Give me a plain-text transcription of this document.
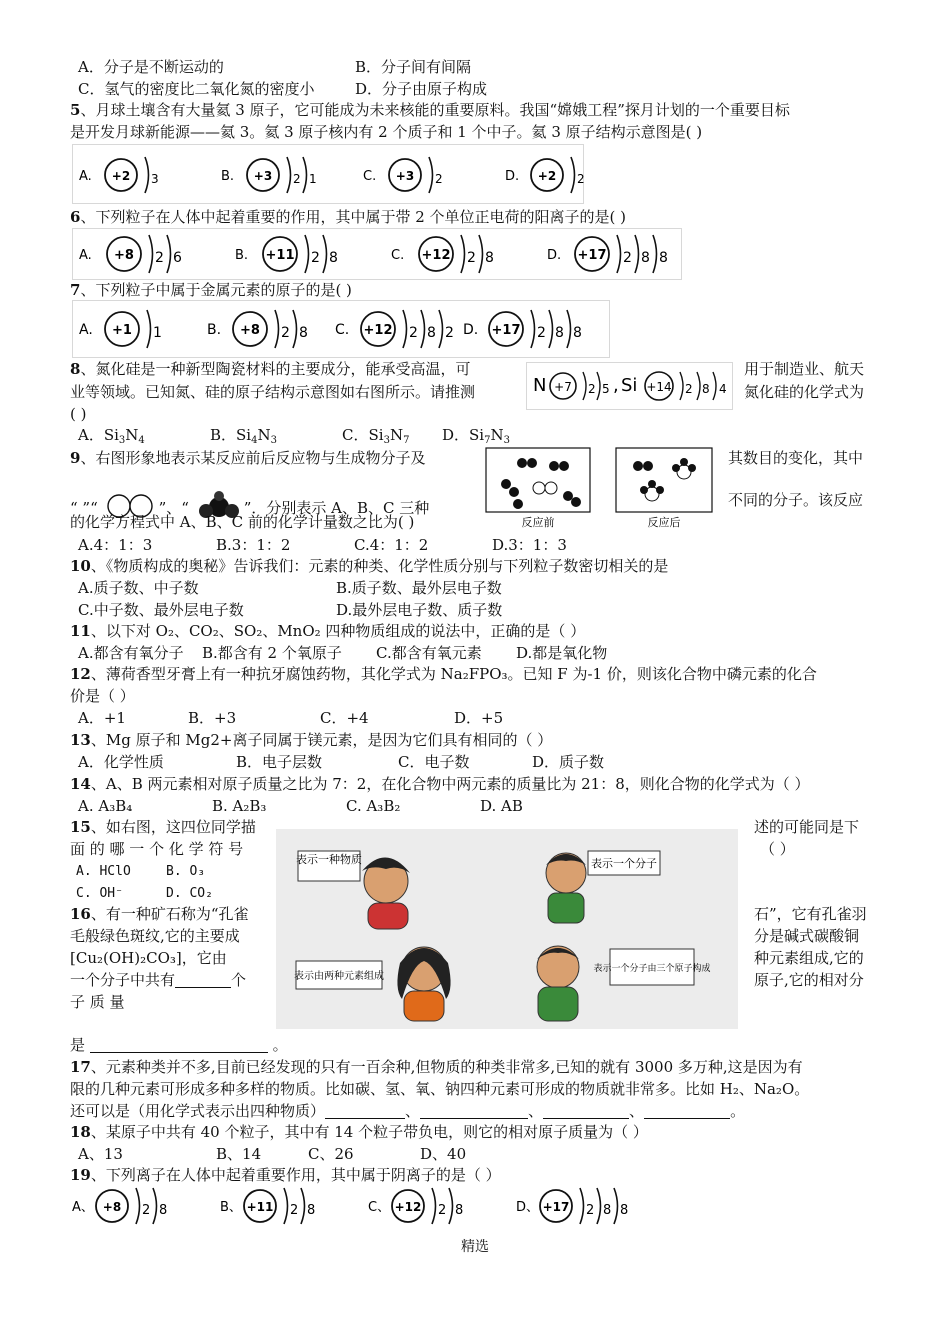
A．分子是不断运动的	B．分子间有间隔
C．氢气的密度比二氧化氮的密度小	D．分子由原子构成
5、月球土壤含有大量氦 3 原子，它可能成为未来核能的重要原料。我国“嫦娥工程”探月计划的一个重要目标
是开发月球新能源——氦 3。氦 3 原子核内有 2 个质子和 1 个中子。氦 3 原子结构示意图是( )
A. +2 3	B. +3 2 1	C. +3 2	D. +2 2
6、下列粒子在人体中起着重要的作用，其中属于带 2 个单位正电荷的阳离子的是( )
A. +8 2 6	B. +11 2 8	C. +12 2 8	D. +17 2 8 8
7、下列粒子中属于金属元素的原子的是( )
A. +1 1	B. +8 2 8 C. +12 2 8 2 D. +17 2 8 8
8、氮化硅是一种新型陶瓷材料的主要成分，能承受高温，可	用于制造业、航天
业等领域。已知氮、硅的原子结构示意图如右图所示。请推测	氮化硅的化学式为
( )
N +7 2 5 , Si +14 2 8 4
A．$Si_3N_4$	B．$Si_4N_3$	C．$Si_3N_7$ D．$Si_7N_3$
9、右图形象地表示某反应前后反应物与生成物分子及	其数目的变化，其中
“ ”“	”、“	”．分别表示 A、B、C 三种	不同的分子。该反应
的化学方程式中 A、B、C 前的化学计量数之比为( )	反应前	反应后
A.4：1：3	B.3：1：2	C.4：1：2	D.3：1：3
10、《物质构成的奥秘》告诉我们：元素的种类、化学性质分别与下列粒子数密切相关的是
A.质子数、中子数	B.质子数、最外层电子数
C.中子数、最外层电子数	D.最外层电子数、质子数
11、以下对 O₂、CO₂、SO₂、MnO₂ 四种物质组成的说法中，正确的是（ ）
A.都含有氧分子 B.都含有 2 个氧原子 C.都含有氧元素 D.都是氧化物
12、薄荷香型牙膏上有一种抗牙腐蚀药物，其化学式为 Na₂FPO₃。已知 F 为-1 价，则该化合物中磷元素的化合
价是（ ）
A．+1	B．+3	C．+4	D．+5
13、Mg 原子和 Mg2+离子同属于镁元素，是因为它们具有相同的（ ）
A．化学性质	B．电子层数	C．电子数	D．质子数
14、A、B 两元素相对原子质量之比为 7：2，在化合物中两元素的质量比为 21：8，则化合物的化学式为（ ）
A. A₃B₄	B. A₂B₃	C. A₃B₂	D. AB
15、如右图，这四位同学描	述的可能同是下
面 的 哪 一 个 化 学 符 号	（ ）
A. HClO	B. O₃
C. OH⁻	D. CO₂
表示一种物质	表示一个分子
表示由两种元素组成
表示一个分子由三个原子构成
16、有一种矿石称为“孔雀	石”，它有孔雀羽
毛般绿色斑纹,它的主要成	分是碱式碳酸铜
[Cu₂(OH)₂CO₃]，它由	种元素组成,它的
一个分子中共有	个	原子,它的相对分
子 质 量
是	。
17、元素种类并不多,目前已经发现的只有一百余种,但物质的种类非常多,已知的就有 3000 多万种,这是因为有
限的几种元素可形成多种多样的物质。比如碳、氢、氧、钠四种元素可形成的物质就非常多。比如 H₂、Na₂O。
还可以是（用化学式表示出四种物质）	、	、	、	。
18、某原子中共有 40 个粒子，其中有 14 个粒子带负电，则它的相对原子质量为（ ）
A、13	B、14	C、26	D、40
19、下列离子在人体中起着重要作用，其中属于阴离子的是（ ）
A、 +8 2 8	B、 +11 2 8	C、 +12 2 8	D、 +17 2 8 8
精选
